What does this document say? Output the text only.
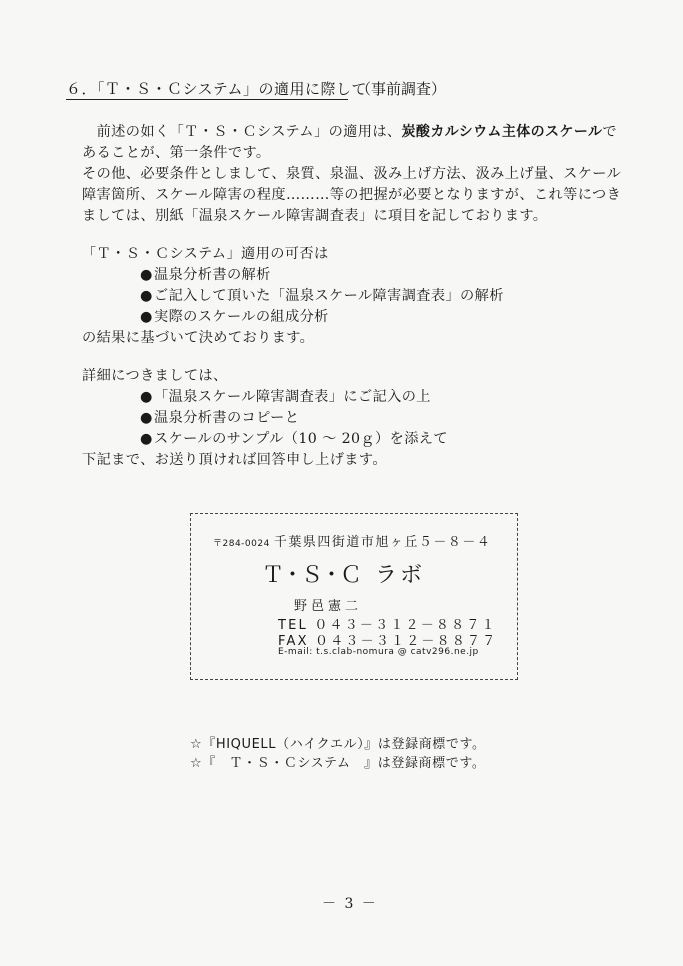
６．「Ｔ・Ｓ・Ｃシステム」の適用に際して
（事前調査）
　前述の如く「Ｔ・Ｓ・Ｃシステム」の適用は、炭酸カルシウム主体のスケールで
あることが、第一条件です。
その他、必要条件としまして、泉質、泉温、汲み上げ方法、汲み上げ量、スケール
障害箇所、スケール障害の程度………等の把握が必要となりますが、これ等につき
ましては、別紙「温泉スケール障害調査表」に項目を記しております。
「Ｔ・Ｓ・Ｃシステム」適用の可否は
●温泉分析書の解析
●ご記入して頂いた「温泉スケール障害調査表」の解析
●実際のスケールの組成分析
の結果に基づいて決めております。
詳細につきましては、
●「温泉スケール障害調査表」にご記入の上
●温泉分析書のコピーと
●スケールのサンプル（10 ～ 20ｇ）を添えて
下記まで、お送り頂ければ回答申し上げます。
〒284-0024 千葉県四街道市旭ヶ丘５－８－４
Ｔ･Ｓ･Ｃ ラボ
野邑憲二
TEL ０４３－３１２－８８７１
FAX ０４３－３１２－８８７７
E-mail: t.s.clab-nomura @ catv296.ne.jp
☆『HIQUELL（ハイクエル）』は登録商標です。
☆『　Ｔ・Ｓ・Ｃシステム　』は登録商標です。
－ 3 －
